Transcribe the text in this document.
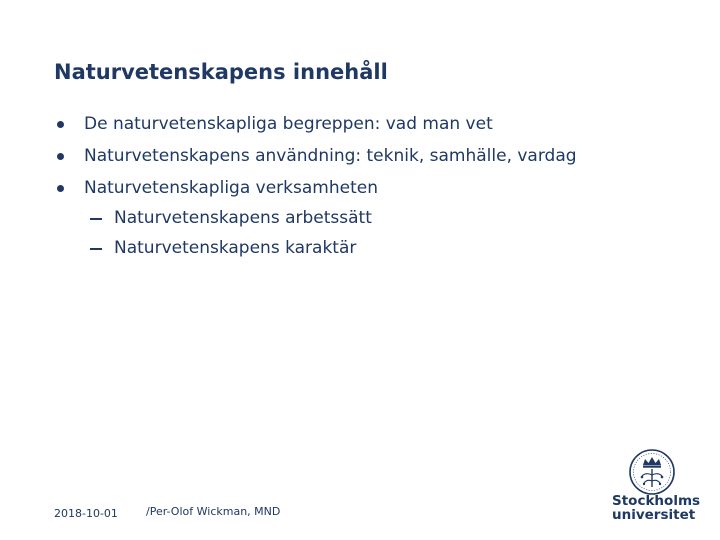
Naturvetenskapens innehåll
De naturvetenskapliga begreppen: vad man vet
Naturvetenskapens användning: teknik, samhälle, vardag
Naturvetenskapliga verksamheten
Naturvetenskapens arbetssätt
Naturvetenskapens karaktär
2018-10-01	/Per-Olof Wickman, MND
Stockholms
universitet
